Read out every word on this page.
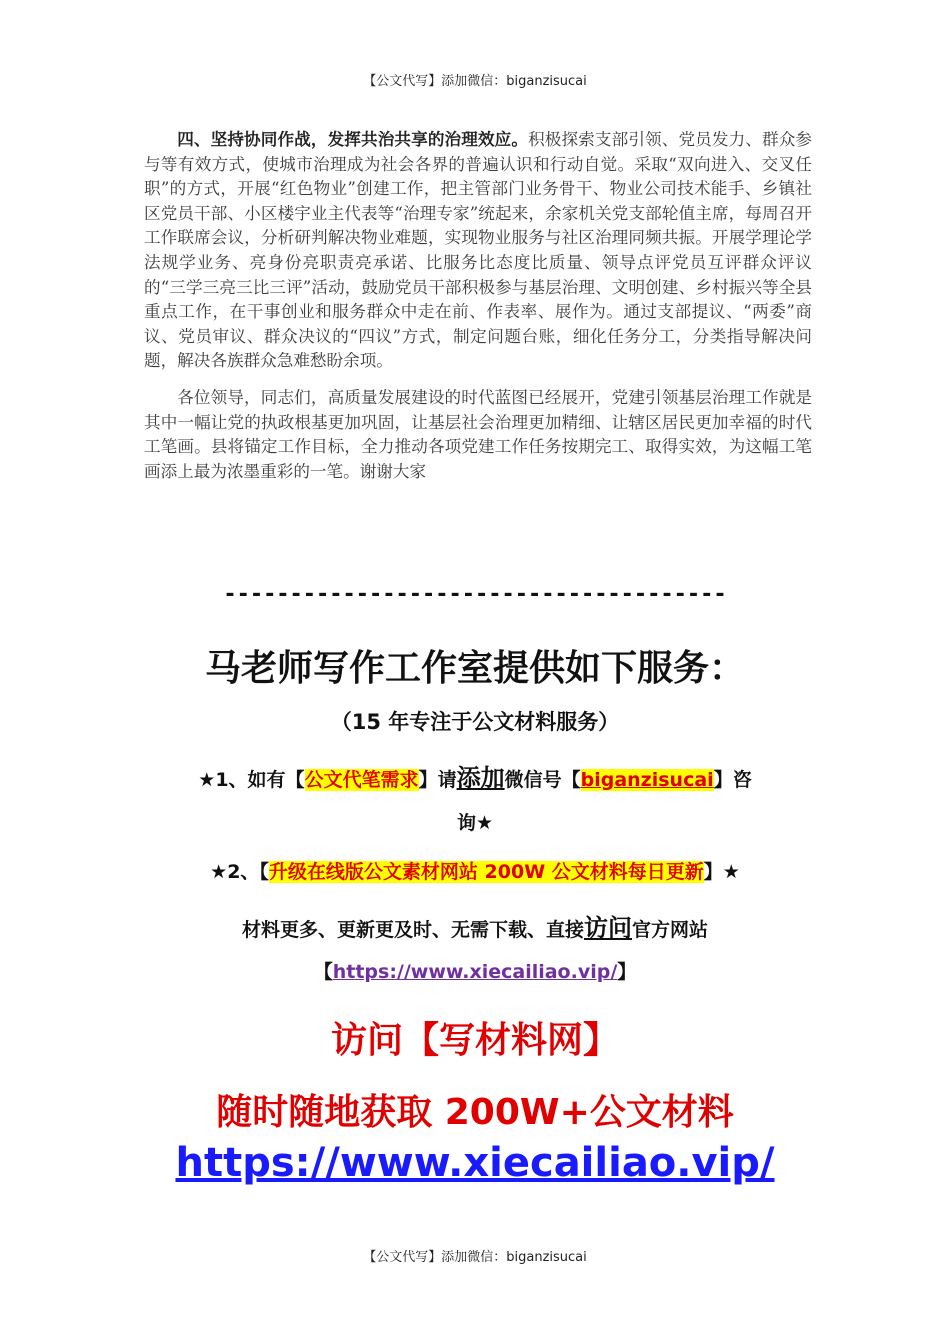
【公文代写】添加微信：biganzisucai

四、坚持协同作战，发挥共治共享的治理效应。积极探索支部引领、党员发力、群众参与等有效方式，使城市治理成为社会各界的普遍认识和行动自觉。采取“双向进入、交叉任职”的方式，开展“红色物业”创建工作，把主管部门业务骨干、物业公司技术能手、乡镇社区党员干部、小区楼宇业主代表等“治理专家”统起来，余家机关党支部轮值主席，每周召开工作联席会议，分析研判解决物业难题，实现物业服务与社区治理同频共振。开展学理论学法规学业务、亮身份亮职责亮承诺、比服务比态度比质量、领导点评党员互评群众评议的“三学三亮三比三评”活动，鼓励党员干部积极参与基层治理、文明创建、乡村振兴等全县重点工作，在干事创业和服务群众中走在前、作表率、展作为。通过支部提议、“两委”商议、党员审议、群众决议的“四议”方式，制定问题台账，细化任务分工，分类指导解决问题，解决各族群众急难愁盼余项。

各位领导，同志们，高质量发展建设的时代蓝图已经展开，党建引领基层治理工作就是其中一幅让党的执政根基更加巩固，让基层社会治理更加精细、让辖区居民更加幸福的时代工笔画。县将锚定工作目标，全力推动各项党建工作任务按期完工、取得实效，为这幅工笔画添上最为浓墨重彩的一笔。谢谢大家

--------------------------------------
马老师写作工作室提供如下服务：
（15 年专注于公文材料服务）
★1、如有【公文代笔需求】请添加微信号【biganzisucai】咨
询★
★2、【升级在线版公文素材网站 200W 公文材料每日更新】★
材料更多、更新更及时、无需下载、直接访问官方网站
【https://www.xiecailiao.vip/】
访问【写材料网】
随时随地获取 200W+公文材料
https://www.xiecailiao.vip/
【公文代写】添加微信：biganzisucai
